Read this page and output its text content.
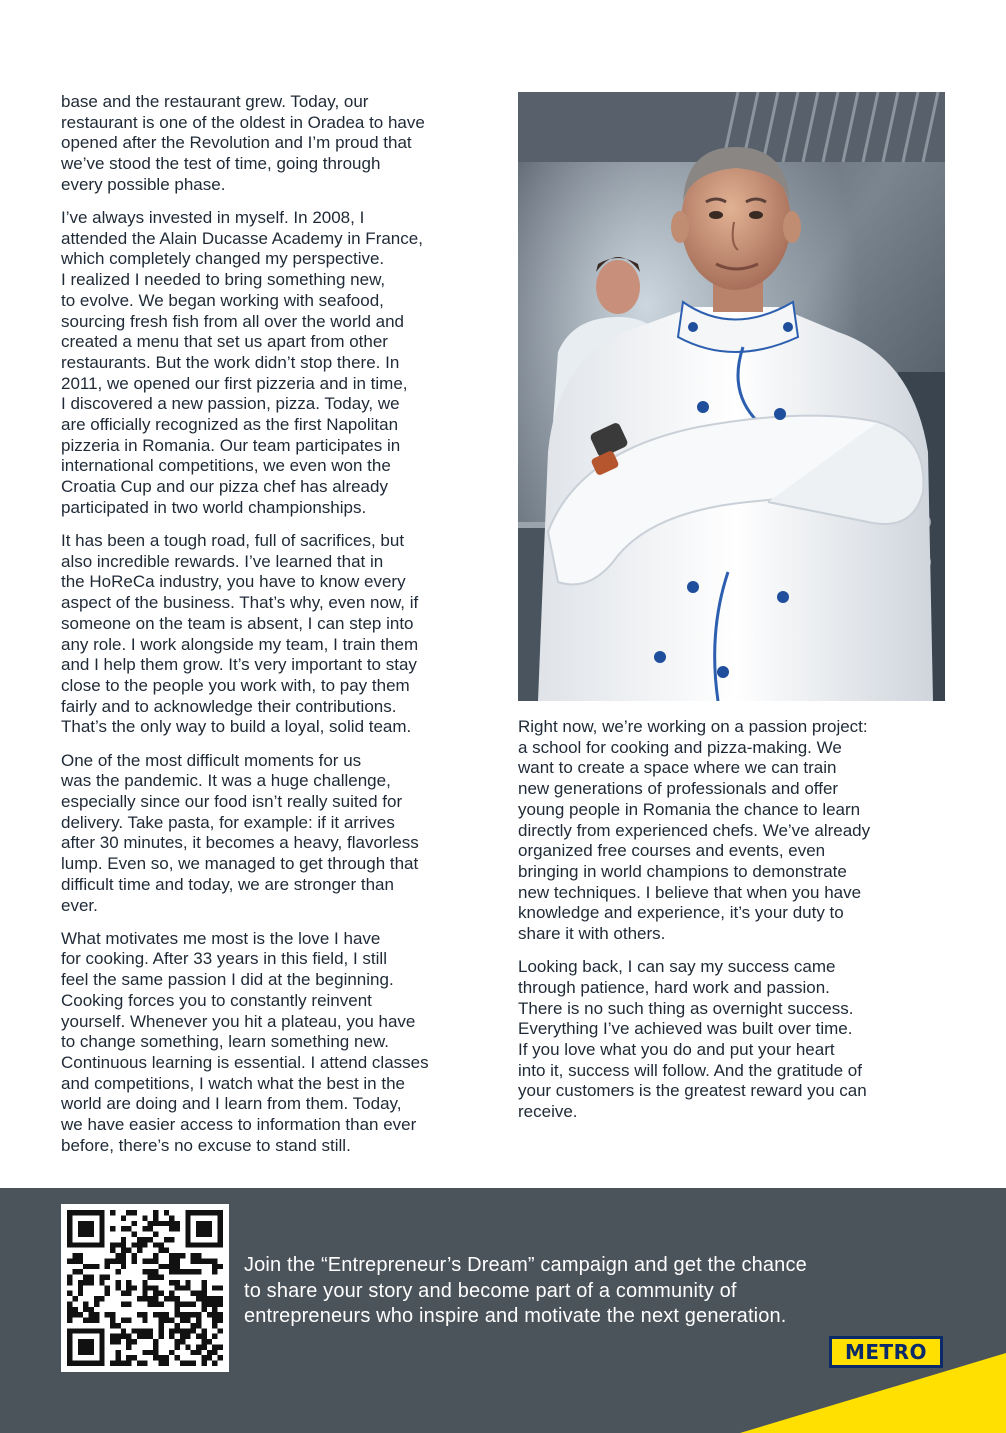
base and the restaurant grew. Today, our
restaurant is one of the oldest in Oradea to have
opened after the Revolution and I’m proud that
we’ve stood the test of time, going through
every possible phase.

I’ve always invested in myself. In 2008, I
attended the Alain Ducasse Academy in France,
which completely changed my perspective.
I realized I needed to bring something new,
to evolve. We began working with seafood,
sourcing fresh fish from all over the world and
created a menu that set us apart from other
restaurants. But the work didn’t stop there. In
2011, we opened our first pizzeria and in time,
I discovered a new passion, pizza. Today, we
are officially recognized as the first Napolitan
pizzeria in Romania. Our team participates in
international competitions, we even won the
Croatia Cup and our pizza chef has already
participated in two world championships.

It has been a tough road, full of sacrifices, but
also incredible rewards. I’ve learned that in
the HoReCa industry, you have to know every
aspect of the business. That’s why, even now, if
someone on the team is absent, I can step into
any role. I work alongside my team, I train them
and I help them grow. It’s very important to stay
close to the people you work with, to pay them
fairly and to acknowledge their contributions.
That’s the only way to build a loyal, solid team.

One of the most difficult moments for us
was the pandemic. It was a huge challenge,
especially since our food isn’t really suited for
delivery. Take pasta, for example: if it arrives
after 30 minutes, it becomes a heavy, flavorless
lump. Even so, we managed to get through that
difficult time and today, we are stronger than
ever.

What motivates me most is the love I have
for cooking. After 33 years in this field, I still
feel the same passion I did at the beginning.
Cooking forces you to constantly reinvent
yourself. Whenever you hit a plateau, you have
to change something, learn something new.
Continuous learning is essential. I attend classes
and competitions, I watch what the best in the
world are doing and I learn from them. Today,
we have easier access to information than ever
before, there’s no excuse to stand still.

Right now, we’re working on a passion project:
a school for cooking and pizza-making. We
want to create a space where we can train
new generations of professionals and offer
young people in Romania the chance to learn
directly from experienced chefs. We’ve already
organized free courses and events, even
bringing in world champions to demonstrate
new techniques. I believe that when you have
knowledge and experience, it’s your duty to
share it with others.

Looking back, I can say my success came
through patience, hard work and passion.
There is no such thing as overnight success.
Everything I’ve achieved was built over time.
If you love what you do and put your heart
into it, success will follow. And the gratitude of
your customers is the greatest reward you can
receive.

Join the “Entrepreneur’s Dream” campaign and get the chance
to share your story and become part of a community of
entrepreneurs who inspire and motivate the next generation.

METRO
